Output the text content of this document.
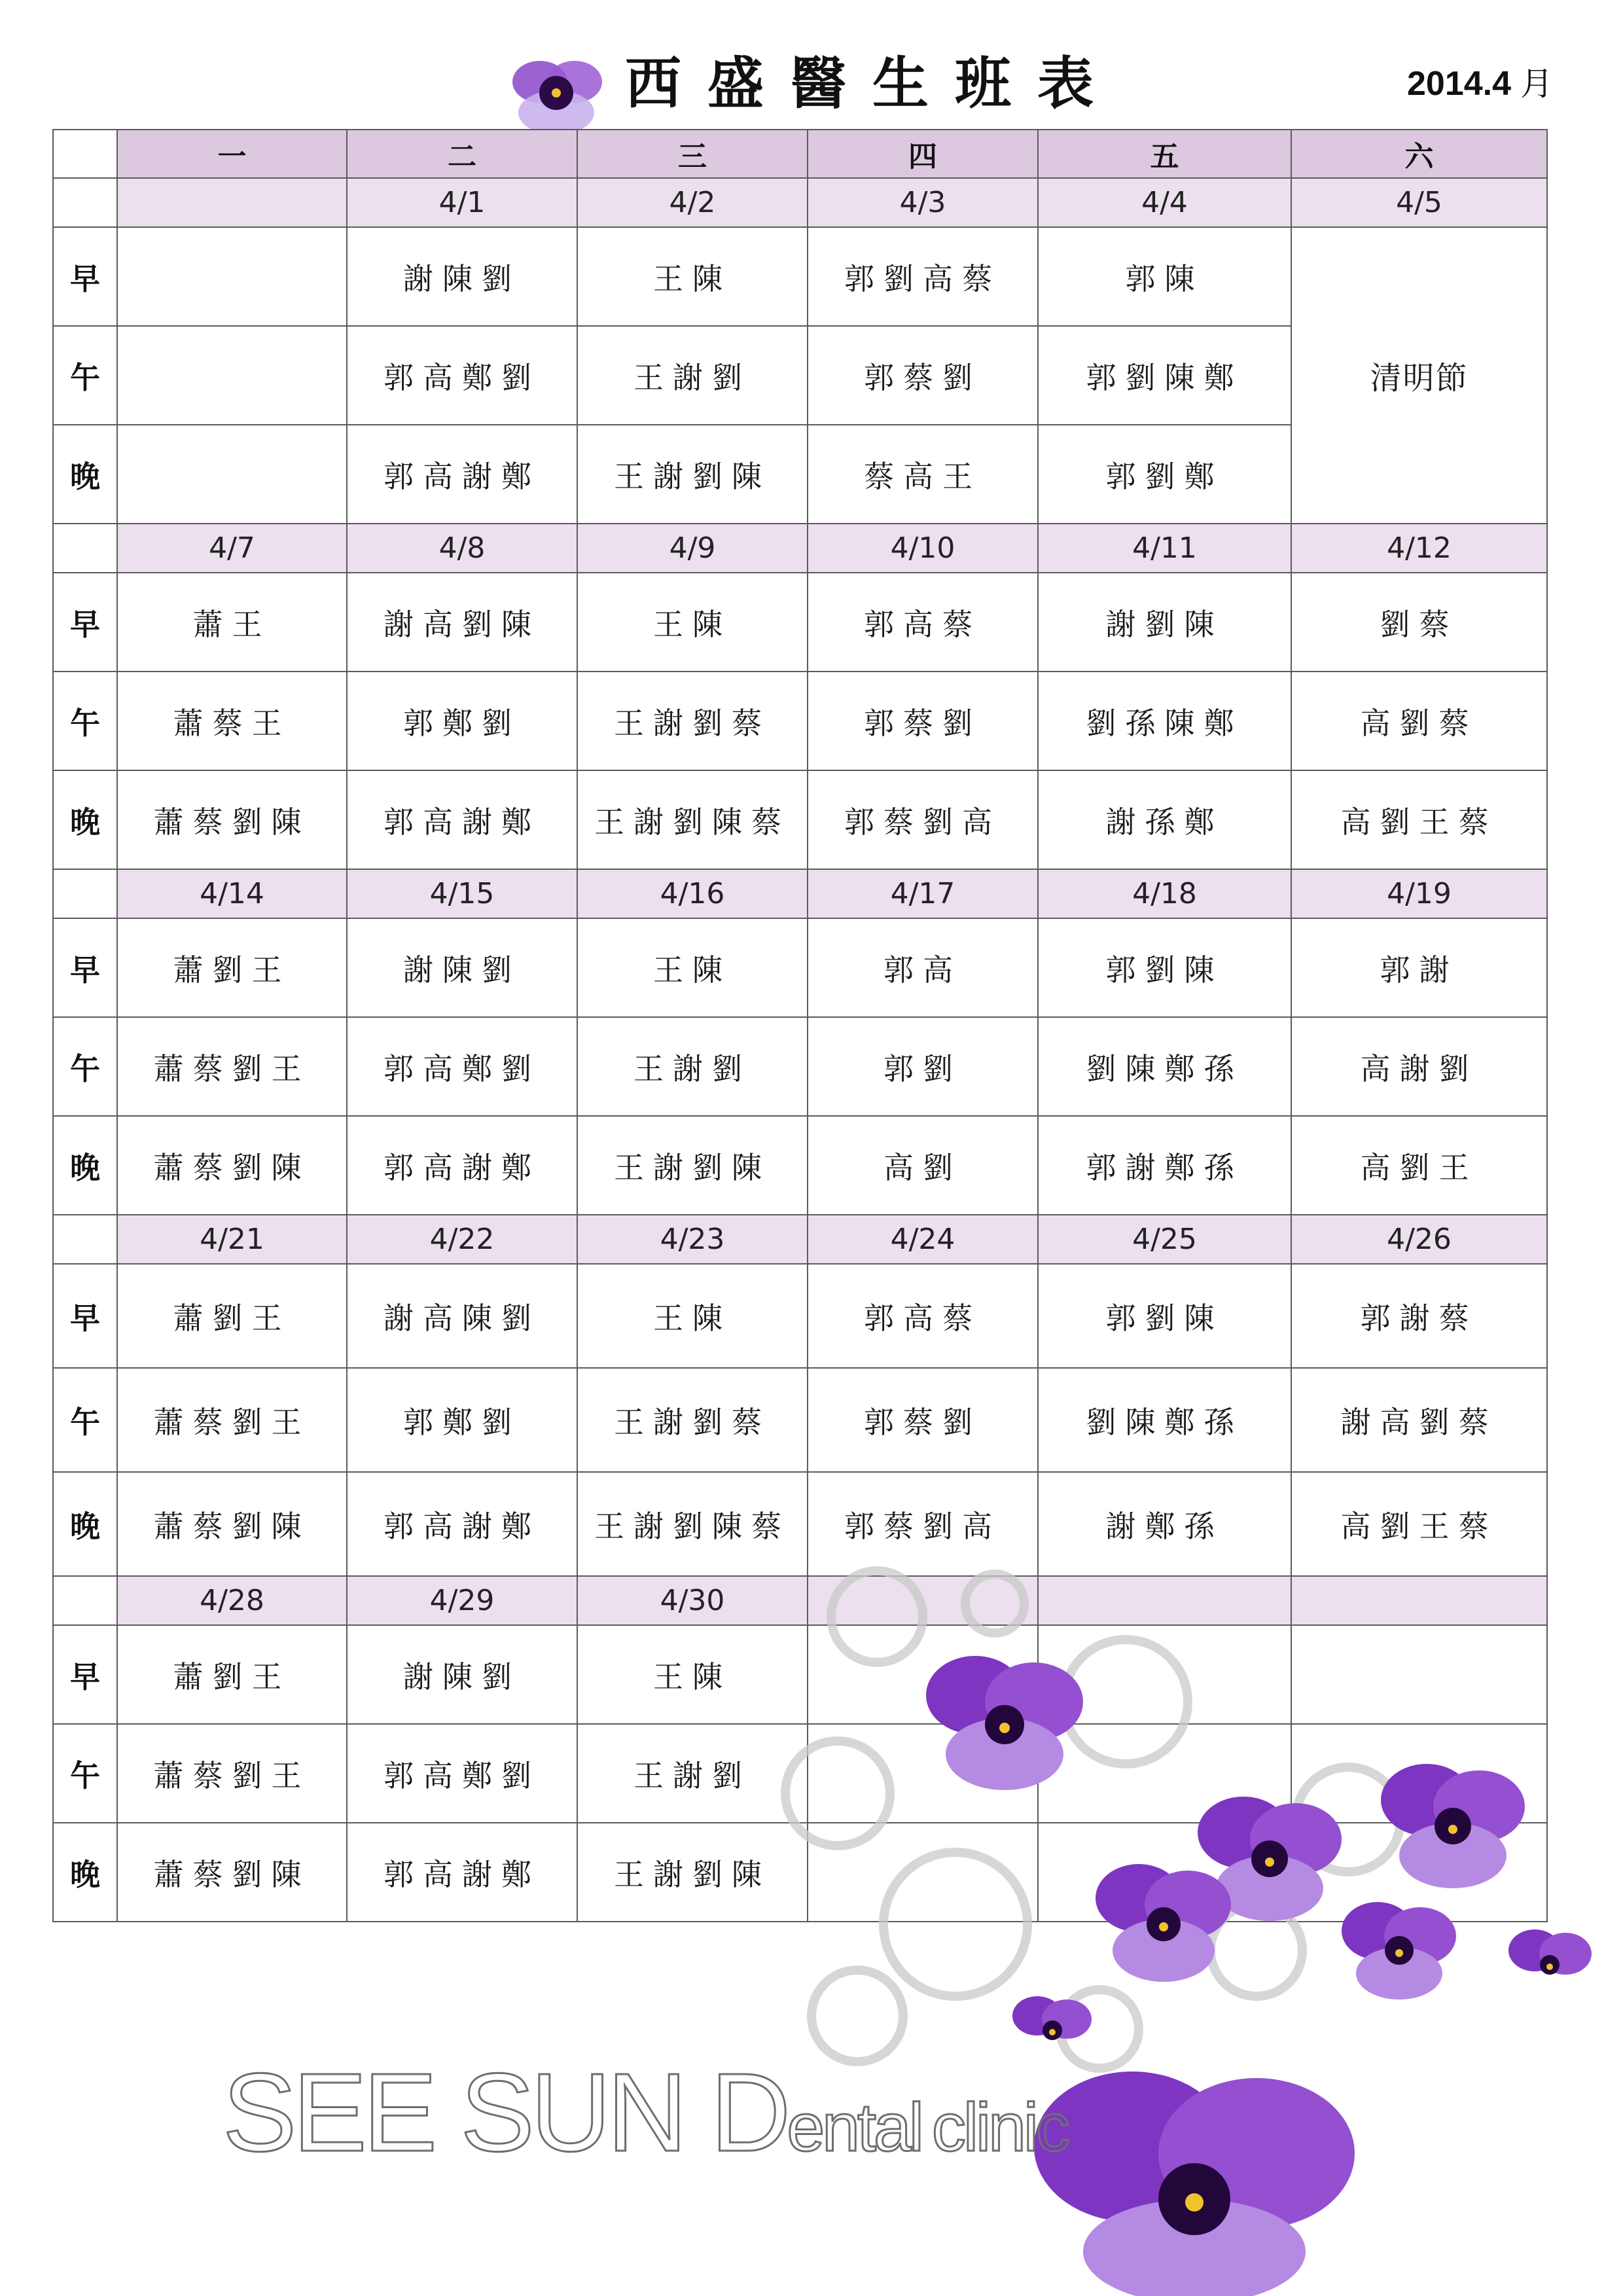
西盛醫生班表	2014.4 月
	一	二	三	四	五	六
		4/1	4/2	4/3	4/4	4/5
早		謝陳劉	王陳	郭劉高蔡	郭陳	清明節
午		郭高鄭劉	王謝劉	郭蔡劉	郭劉陳鄭	
晚		郭高謝鄭	王謝劉陳	蔡高王	郭劉鄭	
	4/7	4/8	4/9	4/10	4/11	4/12
早	蕭王	謝高劉陳	王陳	郭高蔡	謝劉陳	劉蔡
午	蕭蔡王	郭鄭劉	王謝劉蔡	郭蔡劉	劉孫陳鄭	高劉蔡
晚	蕭蔡劉陳	郭高謝鄭	王謝劉陳蔡	郭蔡劉高	謝孫鄭	高劉王蔡
	4/14	4/15	4/16	4/17	4/18	4/19
早	蕭劉王	謝陳劉	王陳	郭高	郭劉陳	郭謝
午	蕭蔡劉王	郭高鄭劉	王謝劉	郭劉	劉陳鄭孫	高謝劉
晚	蕭蔡劉陳	郭高謝鄭	王謝劉陳	高劉	郭謝鄭孫	高劉王
	4/21	4/22	4/23	4/24	4/25	4/26
早	蕭劉王	謝高陳劉	王陳	郭高蔡	郭劉陳	郭謝蔡
午	蕭蔡劉王	郭鄭劉	王謝劉蔡	郭蔡劉	劉陳鄭孫	謝高劉蔡
晚	蕭蔡劉陳	郭高謝鄭	王謝劉陳蔡	郭蔡劉高	謝鄭孫	高劉王蔡
	4/28	4/29	4/30			
早	蕭劉王	謝陳劉	王陳			
午	蕭蔡劉王	郭高鄭劉	王謝劉			
晚	蕭蔡劉陳	郭高謝鄭	王謝劉陳			
SEE SUN Dental clinic
